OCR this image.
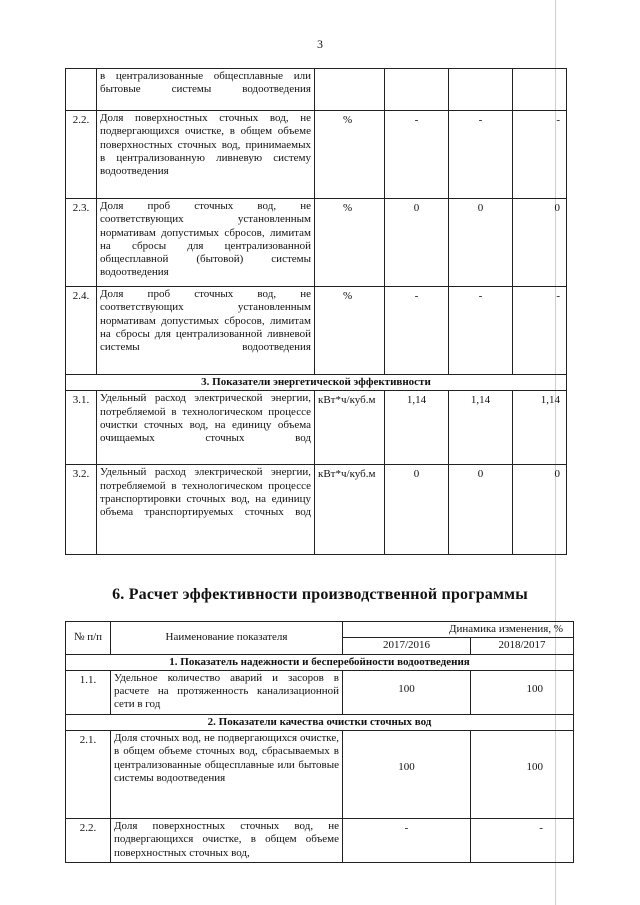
3
	в централизованные общесплавные или бытовые системы водоотведения				
2.2.	Доля поверхностных сточных вод, не подвергающихся очистке, в общем объеме поверхностных сточных вод, принимаемых в централизованную ливневую систему водоотведения	%	-	-	-
2.3.	Доля проб сточных вод, не соответствующих установленным нормативам допустимых сбросов, лимитам на сбросы для централизованной общесплавной (бытовой) системы водоотведения	%	0	0	0
2.4.	Доля проб сточных вод, не соответствующих установленным нормативам допустимых сбросов, лимитам на сбросы для централизованной ливневой системы водоотведения	%	-	-	-
3. Показатели энергетической эффективности					
3.1.	Удельный расход электрической энергии, потребляемой в технологическом процессе очистки сточных вод, на единицу объема очищаемых сточных вод	кВт*ч/куб.м	1,14	1,14	1,14
3.2.	Удельный расход электрической энергии, потребляемой в технологическом процессе транспортировки сточных вод, на единицу объема транспортируемых сточных вод	кВт*ч/куб.м	0	0	0
6. Расчет эффективности производственной программы
№ п/п	Наименование показателя	Динамика изменения, %	
		2017/2016	2018/2017
1. Показатель надежности и бесперебойности водоотведения			
1.1.	Удельное количество аварий и засоров в расчете на протяженность канализационной сети в год	100	100
2. Показатели качества очистки сточных вод			
2.1.	Доля сточных вод, не подвергающихся очистке, в общем объеме сточных вод, сбрасываемых в централизованные общесплавные или бытовые системы водоотведения	100	100
2.2.	Доля поверхностных сточных вод, не подвергающихся очистке, в общем объеме поверхностных сточных вод,	-	-
